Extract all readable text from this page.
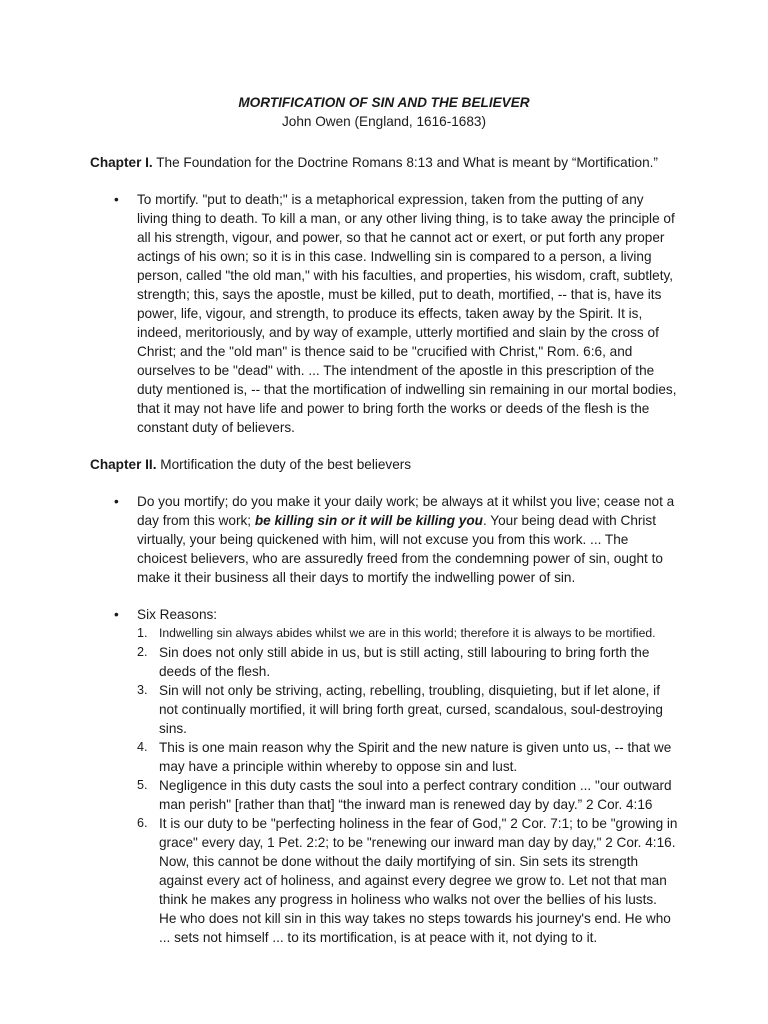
MORTIFICATION OF SIN AND THE BELIEVER

John Owen (England, 1616-1683)

Chapter I. The Foundation for the Doctrine Romans 8:13 and What is meant by “Mortification.”

• To mortify. "put to death;" is a metaphorical expression, taken from the putting of any living thing to death. To kill a man, or any other living thing, is to take away the principle of all his strength, vigour, and power, so that he cannot act or exert, or put forth any proper actings of his own; so it is in this case. Indwelling sin is compared to a person, a living person, called "the old man," with his faculties, and properties, his wisdom, craft, subtlety, strength; this, says the apostle, must be killed, put to death, mortified, -- that is, have its power, life, vigour, and strength, to produce its effects, taken away by the Spirit. It is, indeed, meritoriously, and by way of example, utterly mortified and slain by the cross of Christ; and the "old man" is thence said to be "crucified with Christ," Rom. 6:6, and ourselves to be "dead" with. ... The intendment of the apostle in this prescription of the duty mentioned is, -- that the mortification of indwelling sin remaining in our mortal bodies, that it may not have life and power to bring forth the works or deeds of the flesh is the constant duty of believers.

Chapter II. Mortification the duty of the best believers

• Do you mortify; do you make it your daily work; be always at it whilst you live; cease not a day from this work; be killing sin or it will be killing you. Your being dead with Christ virtually, your being quickened with him, will not excuse you from this work. ... The choicest believers, who are assuredly freed from the condemning power of sin, ought to make it their business all their days to mortify the indwelling power of sin.
• Six Reasons:
1. Indwelling sin always abides whilst we are in this world; therefore it is always to be mortified.
2. Sin does not only still abide in us, but is still acting, still labouring to bring forth the deeds of the flesh.
3. Sin will not only be striving, acting, rebelling, troubling, disquieting, but if let alone, if not continually mortified, it will bring forth great, cursed, scandalous, soul-destroying sins.
4. This is one main reason why the Spirit and the new nature is given unto us, -- that we may have a principle within whereby to oppose sin and lust.
5. Negligence in this duty casts the soul into a perfect contrary condition ... "our outward man perish" [rather than that] “the inward man is renewed day by day.” 2 Cor. 4:16
6. It is our duty to be "perfecting holiness in the fear of God," 2 Cor. 7:1; to be "growing in grace" every day, 1 Pet. 2:2; to be "renewing our inward man day by day," 2 Cor. 4:16. Now, this cannot be done without the daily mortifying of sin. Sin sets its strength against every act of holiness, and against every degree we grow to. Let not that man think he makes any progress in holiness who walks not over the bellies of his lusts. He who does not kill sin in this way takes no steps towards his journey's end. He who ... sets not himself ... to its mortification, is at peace with it, not dying to it.
